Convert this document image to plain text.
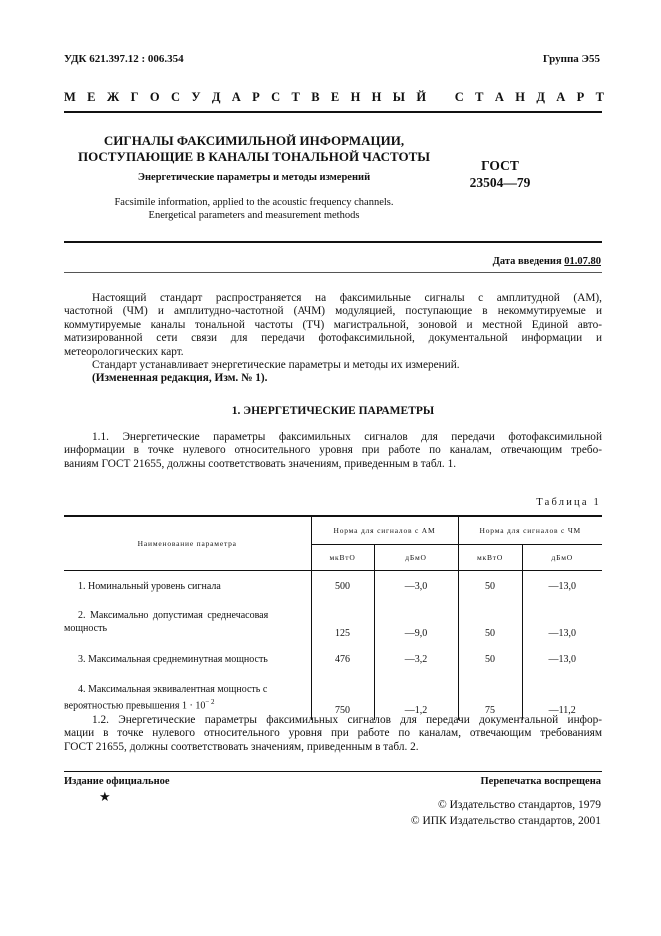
УДК 621.397.12 : 006.354	Группа Э55
М Е Ж Г О С У Д А Р С Т В Е Н Н Ы Й С Т А Н Д А Р Т
СИГНАЛЫ ФАКСИМИЛЬНОЙ ИНФОРМАЦИИ,
ПОСТУПАЮЩИЕ В КАНАЛЫ ТОНАЛЬНОЙ ЧАСТОТЫ
Энергетические параметры и методы измерений
Facsimile information, applied to the acoustic frequency channels.
Energetical parameters and measurement methods
ГОСТ
23504—79
Дата введения 01.07.80

Настоящий стандарт распространяется на факсимильные сигналы с амплитудной (АМ),

частотной (ЧМ) и амплитудно-частотной (АЧМ) модуляцией, поступающие в некоммутируемые и

коммутируемые каналы тональной частоты (ТЧ) магистральной, зоновой и местной Единой авто-

матизированной сети связи для передачи фотофаксимильной, документальной информации и

метеорологических карт.

Стандарт устанавливает энергетические параметры и методы их измерений.

(Измененная редакция, Изм. № 1).

1. ЭНЕРГЕТИЧЕСКИЕ ПАРАМЕТРЫ

1.1. Энергетические параметры факсимильных сигналов для передачи фотофаксимильной

информации в точке нулевого относительного уровня при работе по каналам, отвечающим требо-

ваниям ГОСТ 21655, должны соответствовать значениям, приведенным в табл. 1.

Таблица 1
Наименование параметра	Норма для сигналов с АМ		Норма для сигналов с ЧМ	
	мкВтО	дБмО	мкВтО	дБмО
1. Номинальный уровень сигнала	500	—3,0	50	—13,0

2. Максимально допустимая среднечасовая
мощность	125	—9,0	50	—13,0
3. Максимальная среднеминутная мощность	476	—3,2	50	—13,0

4. Максимальная эквивалентная мощность с
вероятностью превышения $1 \cdot 10^{- 2}$	750	—1,2	75	—11,2

1.2. Энергетические параметры факсимильных сигналов для передачи документальной инфор-

мации в точке нулевого относительного уровня при работе по каналам, отвечающим требованиям

ГОСТ 21655, должны соответствовать значениям, приведенным в табл. 2.

Издание официальное	Перепечатка воспрещена
★
© Издательство стандартов, 1979
© ИПК Издательство стандартов, 2001
